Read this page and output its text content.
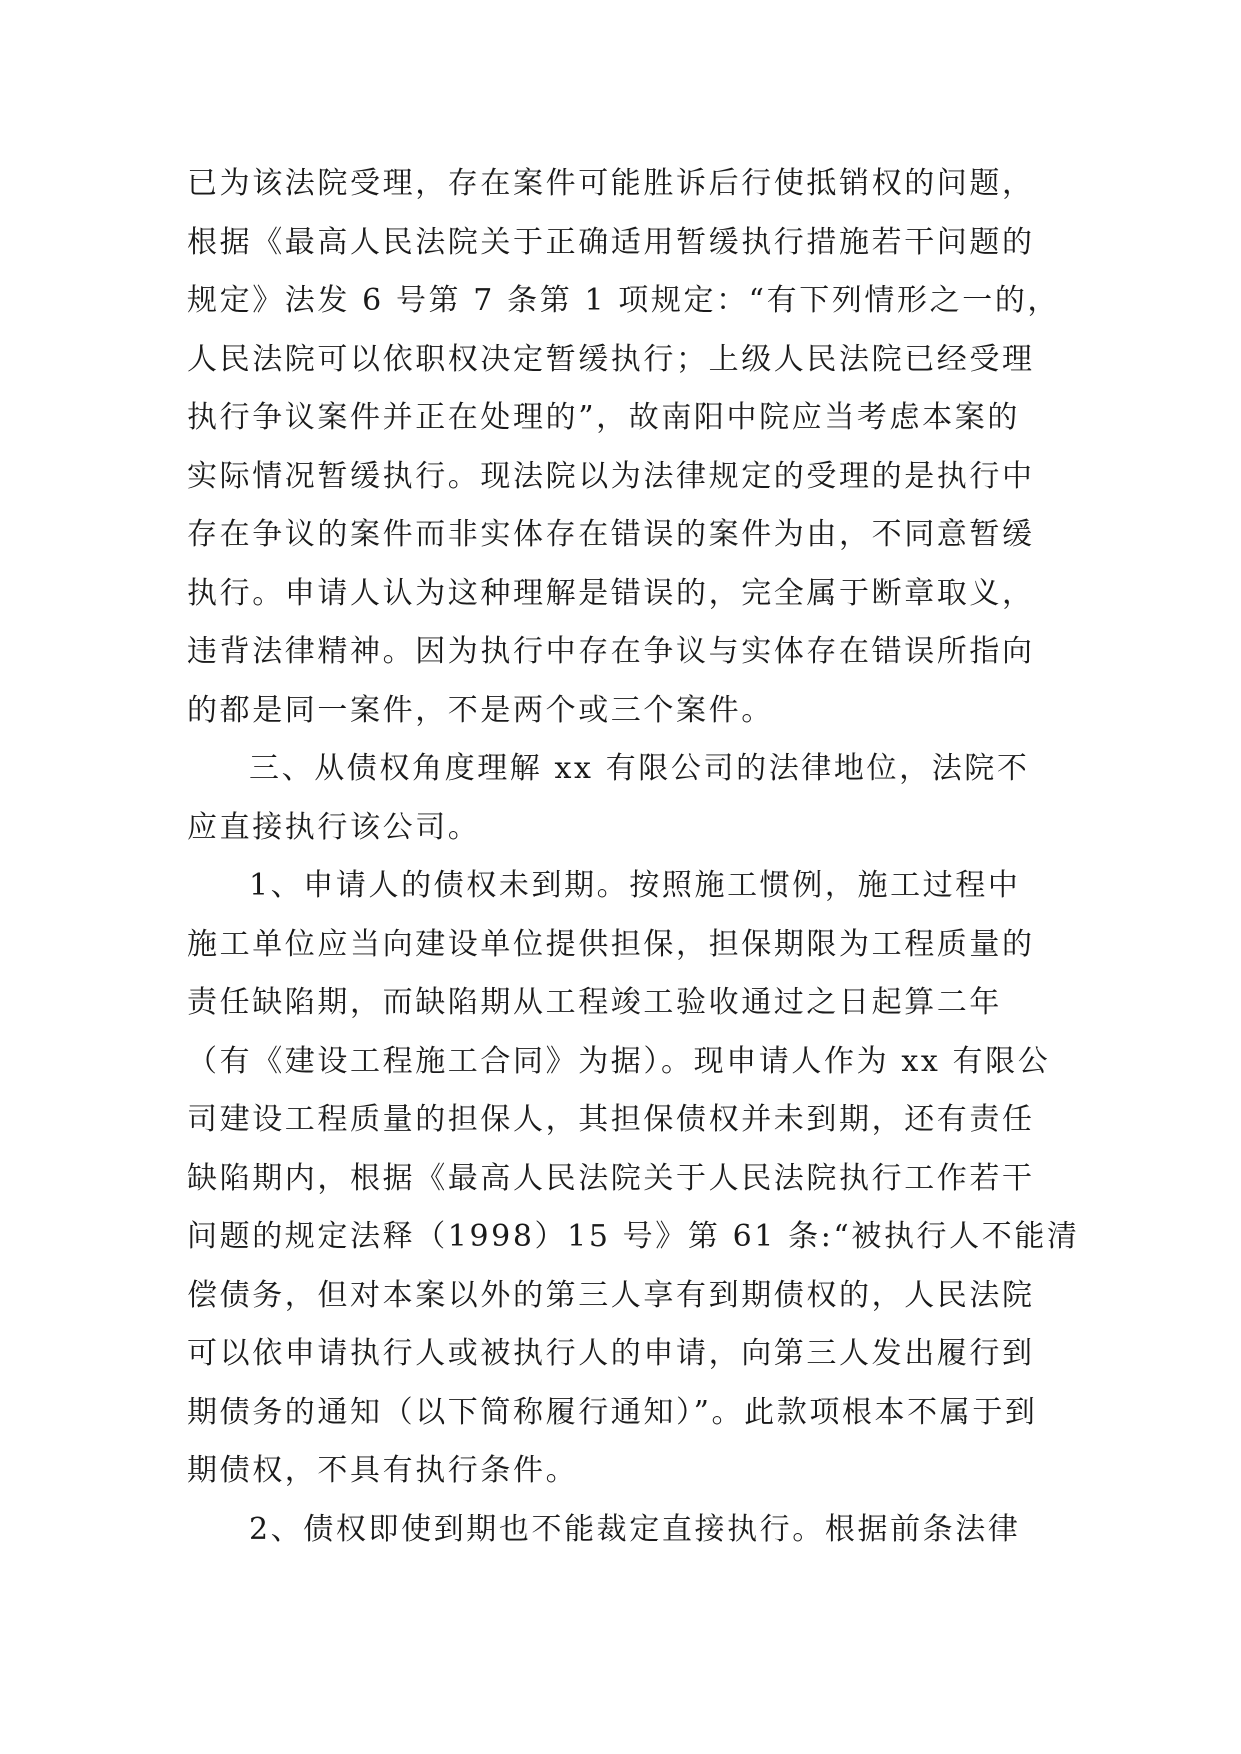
已为该法院受理，存在案件可能胜诉后行使抵销权的问题，
根据《最高人民法院关于正确适用暂缓执行措施若干问题的
规定》法发 6 号第 7 条第 1 项规定：“有下列情形之一的，
人民法院可以依职权决定暂缓执行；上级人民法院已经受理
执行争议案件并正在处理的”，故南阳中院应当考虑本案的
实际情况暂缓执行。现法院以为法律规定的受理的是执行中
存在争议的案件而非实体存在错误的案件为由，不同意暂缓
执行。申请人认为这种理解是错误的，完全属于断章取义，
违背法律精神。因为执行中存在争议与实体存在错误所指向
的都是同一案件，不是两个或三个案件。
三、从债权角度理解 xx 有限公司的法律地位，法院不
应直接执行该公司。
1、申请人的债权未到期。按照施工惯例，施工过程中
施工单位应当向建设单位提供担保，担保期限为工程质量的
责任缺陷期，而缺陷期从工程竣工验收通过之日起算二年
（有《建设工程施工合同》为据）。现申请人作为 xx 有限公
司建设工程质量的担保人，其担保债权并未到期，还有责任
缺陷期内，根据《最高人民法院关于人民法院执行工作若干
问题的规定法释（1998）15 号》第 61 条:“被执行人不能清
偿债务，但对本案以外的第三人享有到期债权的，人民法院
可以依申请执行人或被执行人的申请，向第三人发出履行到
期债务的通知（以下简称履行通知）”。此款项根本不属于到
期债权，不具有执行条件。
2、债权即使到期也不能裁定直接执行。根据前条法律
